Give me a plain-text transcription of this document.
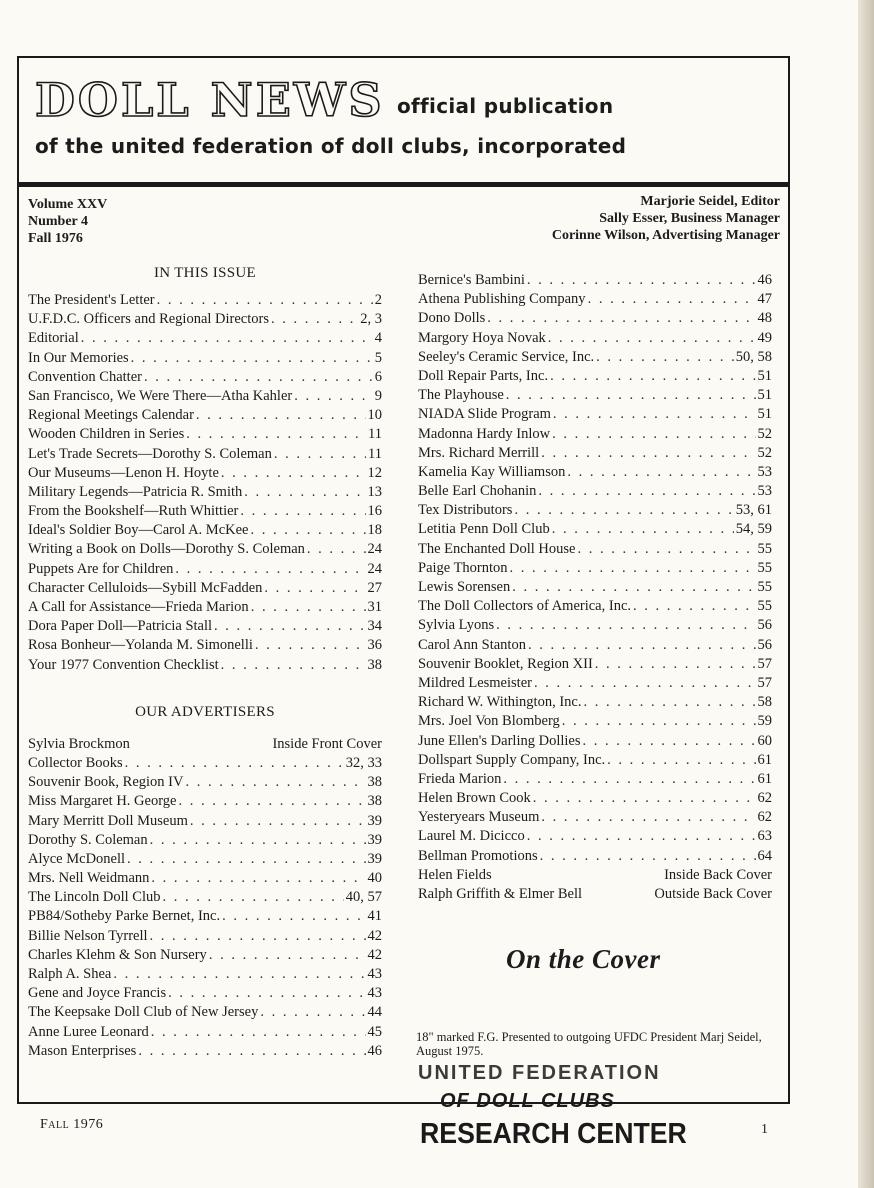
DOLL NEWS official publication
of the united federation of doll clubs, incorporated
Volume XXV
Number 4
Fall 1976
Marjorie Seidel, Editor
Sally Esser, Business Manager
Corinne Wilson, Advertising Manager
IN THIS ISSUE
The President's Letter . . .	2
U.F.D.C. Officers and Regional Directors . . .	2, 3
Editorial . . .	4
In Our Memories . . .	5
Convention Chatter . . .	6
San Francisco, We Were There—Atha Kahler . . .	9
Regional Meetings Calendar . . .	10
Wooden Children in Series . . .	11
Let's Trade Secrets—Dorothy S. Coleman . . .	11
Our Museums—Lenon H. Hoyte . . .	12
Military Legends—Patricia R. Smith . . .	13
From the Bookshelf—Ruth Whittier . . .	16
Ideal's Soldier Boy—Carol A. McKee . . .	18
Writing a Book on Dolls—Dorothy S. Coleman . . .	24
Puppets Are for Children . . .	24
Character Celluloids—Sybill McFadden . . .	27
A Call for Assistance—Frieda Marion . . .	31
Dora Paper Doll—Patricia Stall . . .	34
Rosa Bonheur—Yolanda M. Simonelli . . .	36
Your 1977 Convention Checklist . . .	38
OUR ADVERTISERS
Sylvia Brockmon	Inside Front Cover
Collector Books . . .	32, 33
Souvenir Book, Region IV . . .	38
Miss Margaret H. George . . .	38
Mary Merritt Doll Museum . . .	39
Dorothy S. Coleman . . .	39
Alyce McDonell . . .	39
Mrs. Nell Weidmann . . .	40
The Lincoln Doll Club . . .	40, 57
PB84/Sotheby Parke Bernet, Inc. . . .	41
Billie Nelson Tyrrell . . .	42
Charles Klehm & Son Nursery . . .	42
Ralph A. Shea . . .	43
Gene and Joyce Francis . . .	43
The Keepsake Doll Club of New Jersey . . .	44
Anne Luree Leonard . . .	45
Mason Enterprises . . .	46
Bernice's Bambini . . .	46
Athena Publishing Company . . .	47
Dono Dolls . . .	48
Margory Hoya Novak . . .	49
Seeley's Ceramic Service, Inc. . . .	50, 58
Doll Repair Parts, Inc. . . .	51
The Playhouse . . .	51
NIADA Slide Program . . .	51
Madonna Hardy Inlow . . .	52
Mrs. Richard Merrill . . .	52
Kamelia Kay Williamson . . .	53
Belle Earl Chohanin . . .	53
Tex Distributors . . .	53, 61
Letitia Penn Doll Club . . .	54, 59
The Enchanted Doll House . . .	55
Paige Thornton . . .	55
Lewis Sorensen . . .	55
The Doll Collectors of America, Inc. . . .	55
Sylvia Lyons . . .	56
Carol Ann Stanton . . .	56
Souvenir Booklet, Region XII . . .	57
Mildred Lesmeister . . .	57
Richard W. Withington, Inc. . . .	58
Mrs. Joel Von Blomberg . . .	59
June Ellen's Darling Dollies . . .	60
Dollspart Supply Company, Inc. . . .	61
Frieda Marion . . .	61
Helen Brown Cook . . .	62
Yesteryears Museum . . .	62
Laurel M. Dicicco . . .	63
Bellman Promotions . . .	64
Helen Fields	Inside Back Cover
Ralph Griffith & Elmer Bell	Outside Back Cover
On the Cover
18" marked F.G. Presented to outgoing UFDC President Marj Seidel, August 1975.
UNITED FEDERATION
OF DOLL CLUBS
RESEARCH CENTER
Fall 1976	1
